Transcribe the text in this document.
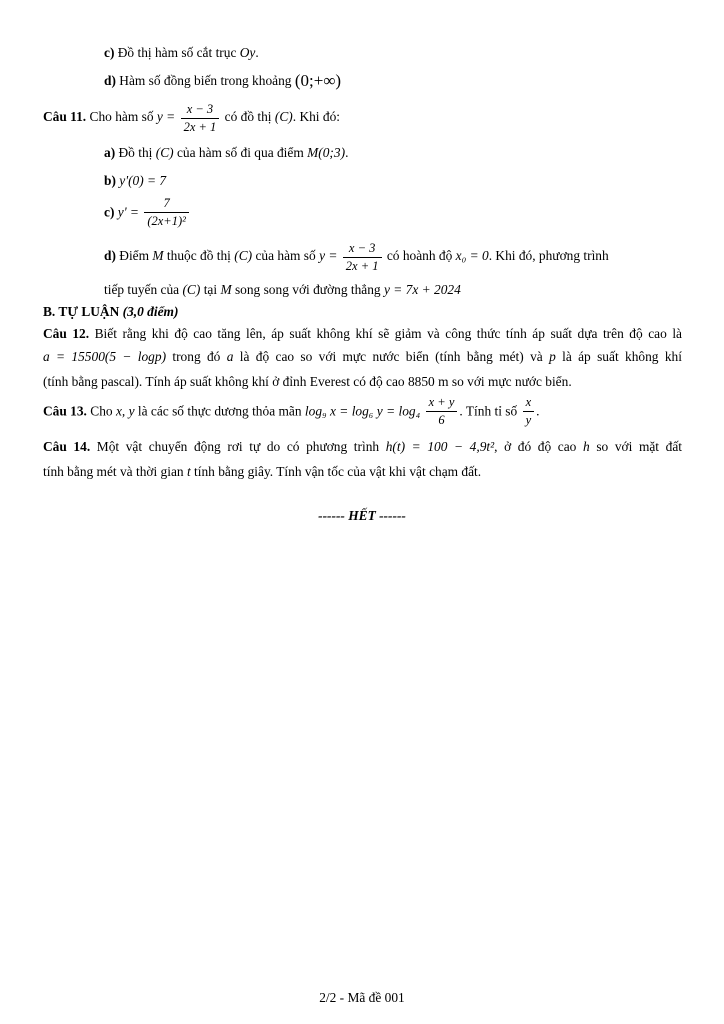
c) Đồ thị hàm số cắt trục Oy.
d) Hàm số đồng biến trong khoảng (0;+∞)
Câu 11. Cho hàm số $y = \frac{x - 3}{2x + 1}$ có đồ thị (C). Khi đó:
a) Đồ thị (C) của hàm số đi qua điểm M(0;3).
b) y'(0) = 7
c) $y' = \frac{7}{\text{(2x+1)²}}$
d) Điểm M thuộc đồ thị (C) của hàm số $y = \frac{x - 3}{2x + 1}$ có hoành độ x₀ = 0. Khi đó, phương trình
tiếp tuyến của (C) tại M song song với đường thẳng y = 7x + 2024
B. TỰ LUẬN (3,0 điểm)
Câu 12. Biết rằng khi độ cao tăng lên, áp suất không khí sẽ giảm và công thức tính áp suất dựa trên độ cao là
a = 15500(5 − logp) trong đó a là độ cao so với mực nước biển (tính bằng mét) và p là áp suất không khí
(tính bằng pascal). Tính áp suất không khí ở đỉnh Everest có độ cao 8850 m so với mực nước biển.
Câu 13. Cho x, y là các số thực dương thỏa mãn log₉ x = log₆ $y = \log_4 \frac{x + y}{6}$ . Tính tỉ số $\frac{x}{y}$ .
Câu 14. Một vật chuyển động rơi tự do có phương trình h(t) = 100 − 4,9t², ở đó độ cao h so với mặt đất
tính bằng mét và thời gian t tính bằng giây. Tính vận tốc của vật khi vật chạm đất.
------ HẾT ------
2/2 - Mã đề 001
